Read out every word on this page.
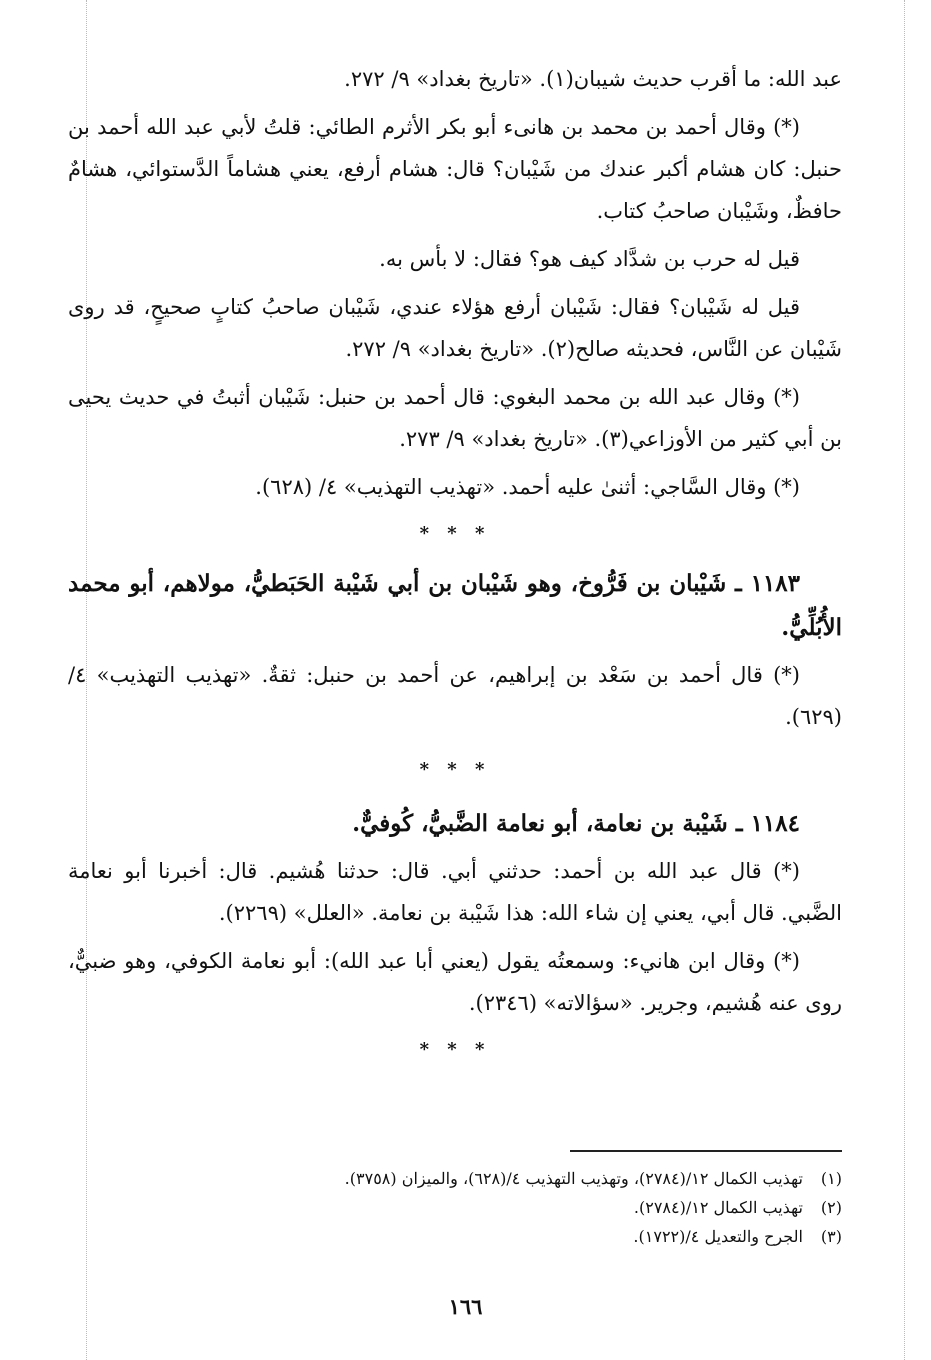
عبد الله: ما أقرب حديث شيبان(١). «تاريخ بغداد» ٩/ ٢٧٢.

(*) وقال أحمد بن محمد بن هانىء أبو بكر الأثرم الطائي: قلتُ لأبي عبد الله أحمد بن حنبل: كان هشام أكبر عندك من شَيْبان؟ قال: هشام أرفع، يعني هشاماً الدَّستوائي، هشامٌ حافظٌ، وشَيْبان صاحبُ كتاب.

قيل له حرب بن شدَّاد كيف هو؟ فقال: لا بأس به.

قيل له شَيْبان؟ فقال: شَيْبان أرفع هؤلاء عندي، شَيْبان صاحبُ كتابٍ صحيحٍ، قد روى شَيْبان عن النَّاس، فحديثه صالح(٢). «تاريخ بغداد» ٩/ ٢٧٢.

(*) وقال عبد الله بن محمد البغوي: قال أحمد بن حنبل: شَيْبان أثبتُ في حديث يحيى بن أبي كثير من الأوزاعي(٣). «تاريخ بغداد» ٩/ ٢٧٣.

(*) وقال السَّاجي: أثنىٰ عليه أحمد. «تهذيب التهذيب» ٤/ (٦٢٨).

* * *

١١٨٣ ـ شَيْبان بن فَرُّوخ، وهو شَيْبان بن أبي شَيْبة الحَبَطيُّ، مولاهم، أبو محمد الأُبُلِّيُّ.

(*) قال أحمد بن سَعْد بن إبراهيم، عن أحمد بن حنبل: ثقةٌ. «تهذيب التهذيب» ٤/ (٦٢٩).

* * *

١١٨٤ ـ شَيْبة بن نعامة، أبو نعامة الضَّبيُّ، كُوفيٌّ.

(*) قال عبد الله بن أحمد: حدثني أبي. قال: حدثنا هُشيم. قال: أخبرنا أبو نعامة الضَّبي. قال أبي، يعني إن شاء الله: هذا شَيْبة بن نعامة. «العلل» (٢٢٦٩).

(*) وقال ابن هانيء: وسمعتُه يقول (يعني أبا عبد الله): أبو نعامة الكوفي، وهو ضبيٌّ، روى عنه هُشيم، وجرير. «سؤالاته» (٢٣٤٦).

* * *
(١) تهذيب الكمال ١٢/(٢٧٨٤)، وتهذيب التهذيب ٤/(٦٢٨)، والميزان (٣٧٥٨).
(٢) تهذيب الكمال ١٢/(٢٧٨٤).
(٣) الجرح والتعديل ٤/(١٧٢٢).
١٦٦
